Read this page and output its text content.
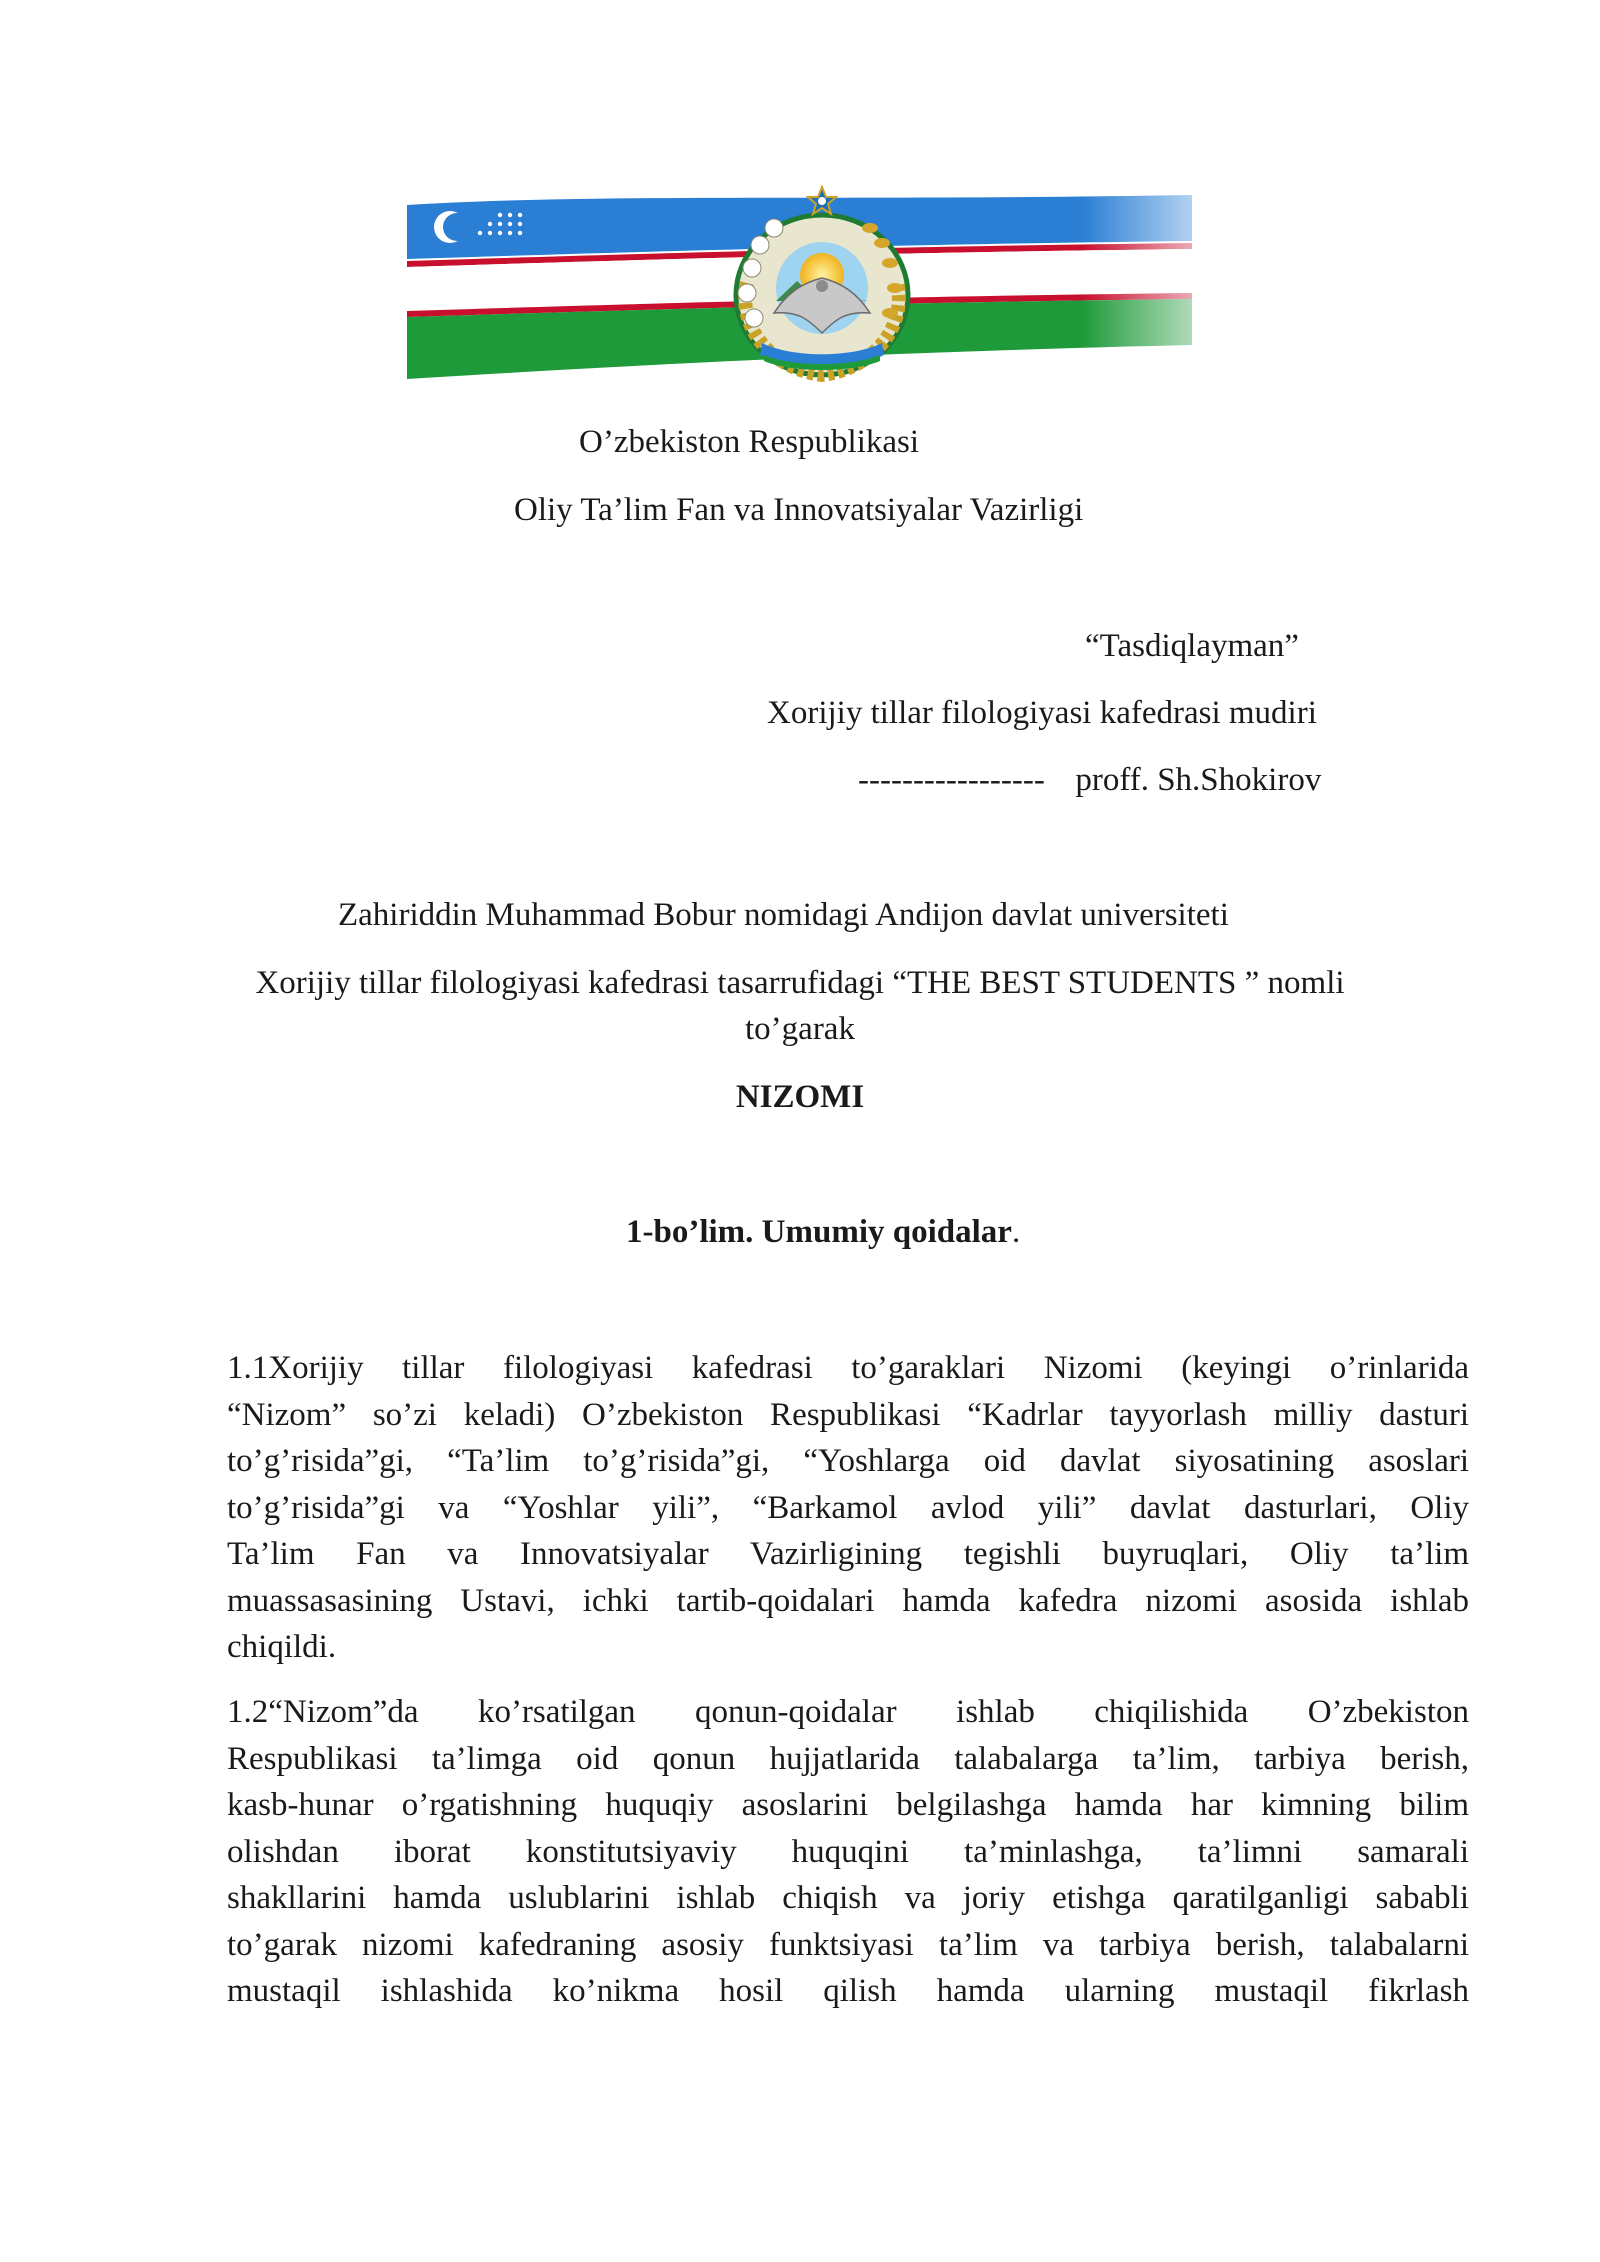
O’zbekiston Respublikasi
Oliy Ta’lim Fan va Innovatsiyalar Vazirligi
“Tasdiqlayman”
Xorijiy tillar filologiyasi kafedrasi mudiri
-----------------  proff. Sh.Shokirov
Zahiriddin Muhammad Bobur nomidagi Andijon davlat universiteti
Xorijiy tillar filologiyasi kafedrasi tasarrufidagi “THE BEST STUDENTS ” nomli
to’garak
NIZOMI
1-bo’lim. Umumiy qoidalar.
1.1Xorijiy tillar filologiyasi kafedrasi to’garaklari Nizomi (keyingi o’rinlarida
“Nizom” so’zi keladi) O’zbekiston Respublikasi “Kadrlar tayyorlash milliy dasturi
to’g’risida”gi, “Ta’lim to’g’risida”gi, “Yoshlarga oid davlat siyosatining asoslari
to’g’risida”gi va “Yoshlar yili”, “Barkamol avlod yili” davlat dasturlari, Oliy
Ta’lim Fan va Innovatsiyalar Vazirligining tegishli buyruqlari, Oliy ta’lim
muassasasining Ustavi, ichki tartib-qoidalari hamda kafedra nizomi asosida ishlab
chiqildi.
1.2“Nizom”da ko’rsatilgan qonun-qoidalar ishlab chiqilishida O’zbekiston
Respublikasi ta’limga oid qonun hujjatlarida talabalarga ta’lim, tarbiya berish,
kasb-hunar o’rgatishning huquqiy asoslarini belgilashga hamda har kimning bilim
olishdan iborat konstitutsiyaviy huquqini ta’minlashga, ta’limni samarali
shakllarini hamda uslublarini ishlab chiqish va joriy etishga qaratilganligi sababli
to’garak nizomi kafedraning asosiy funktsiyasi ta’lim va tarbiya berish, talabalarni
mustaqil ishlashida ko’nikma hosil qilish hamda ularning mustaqil fikrlash
